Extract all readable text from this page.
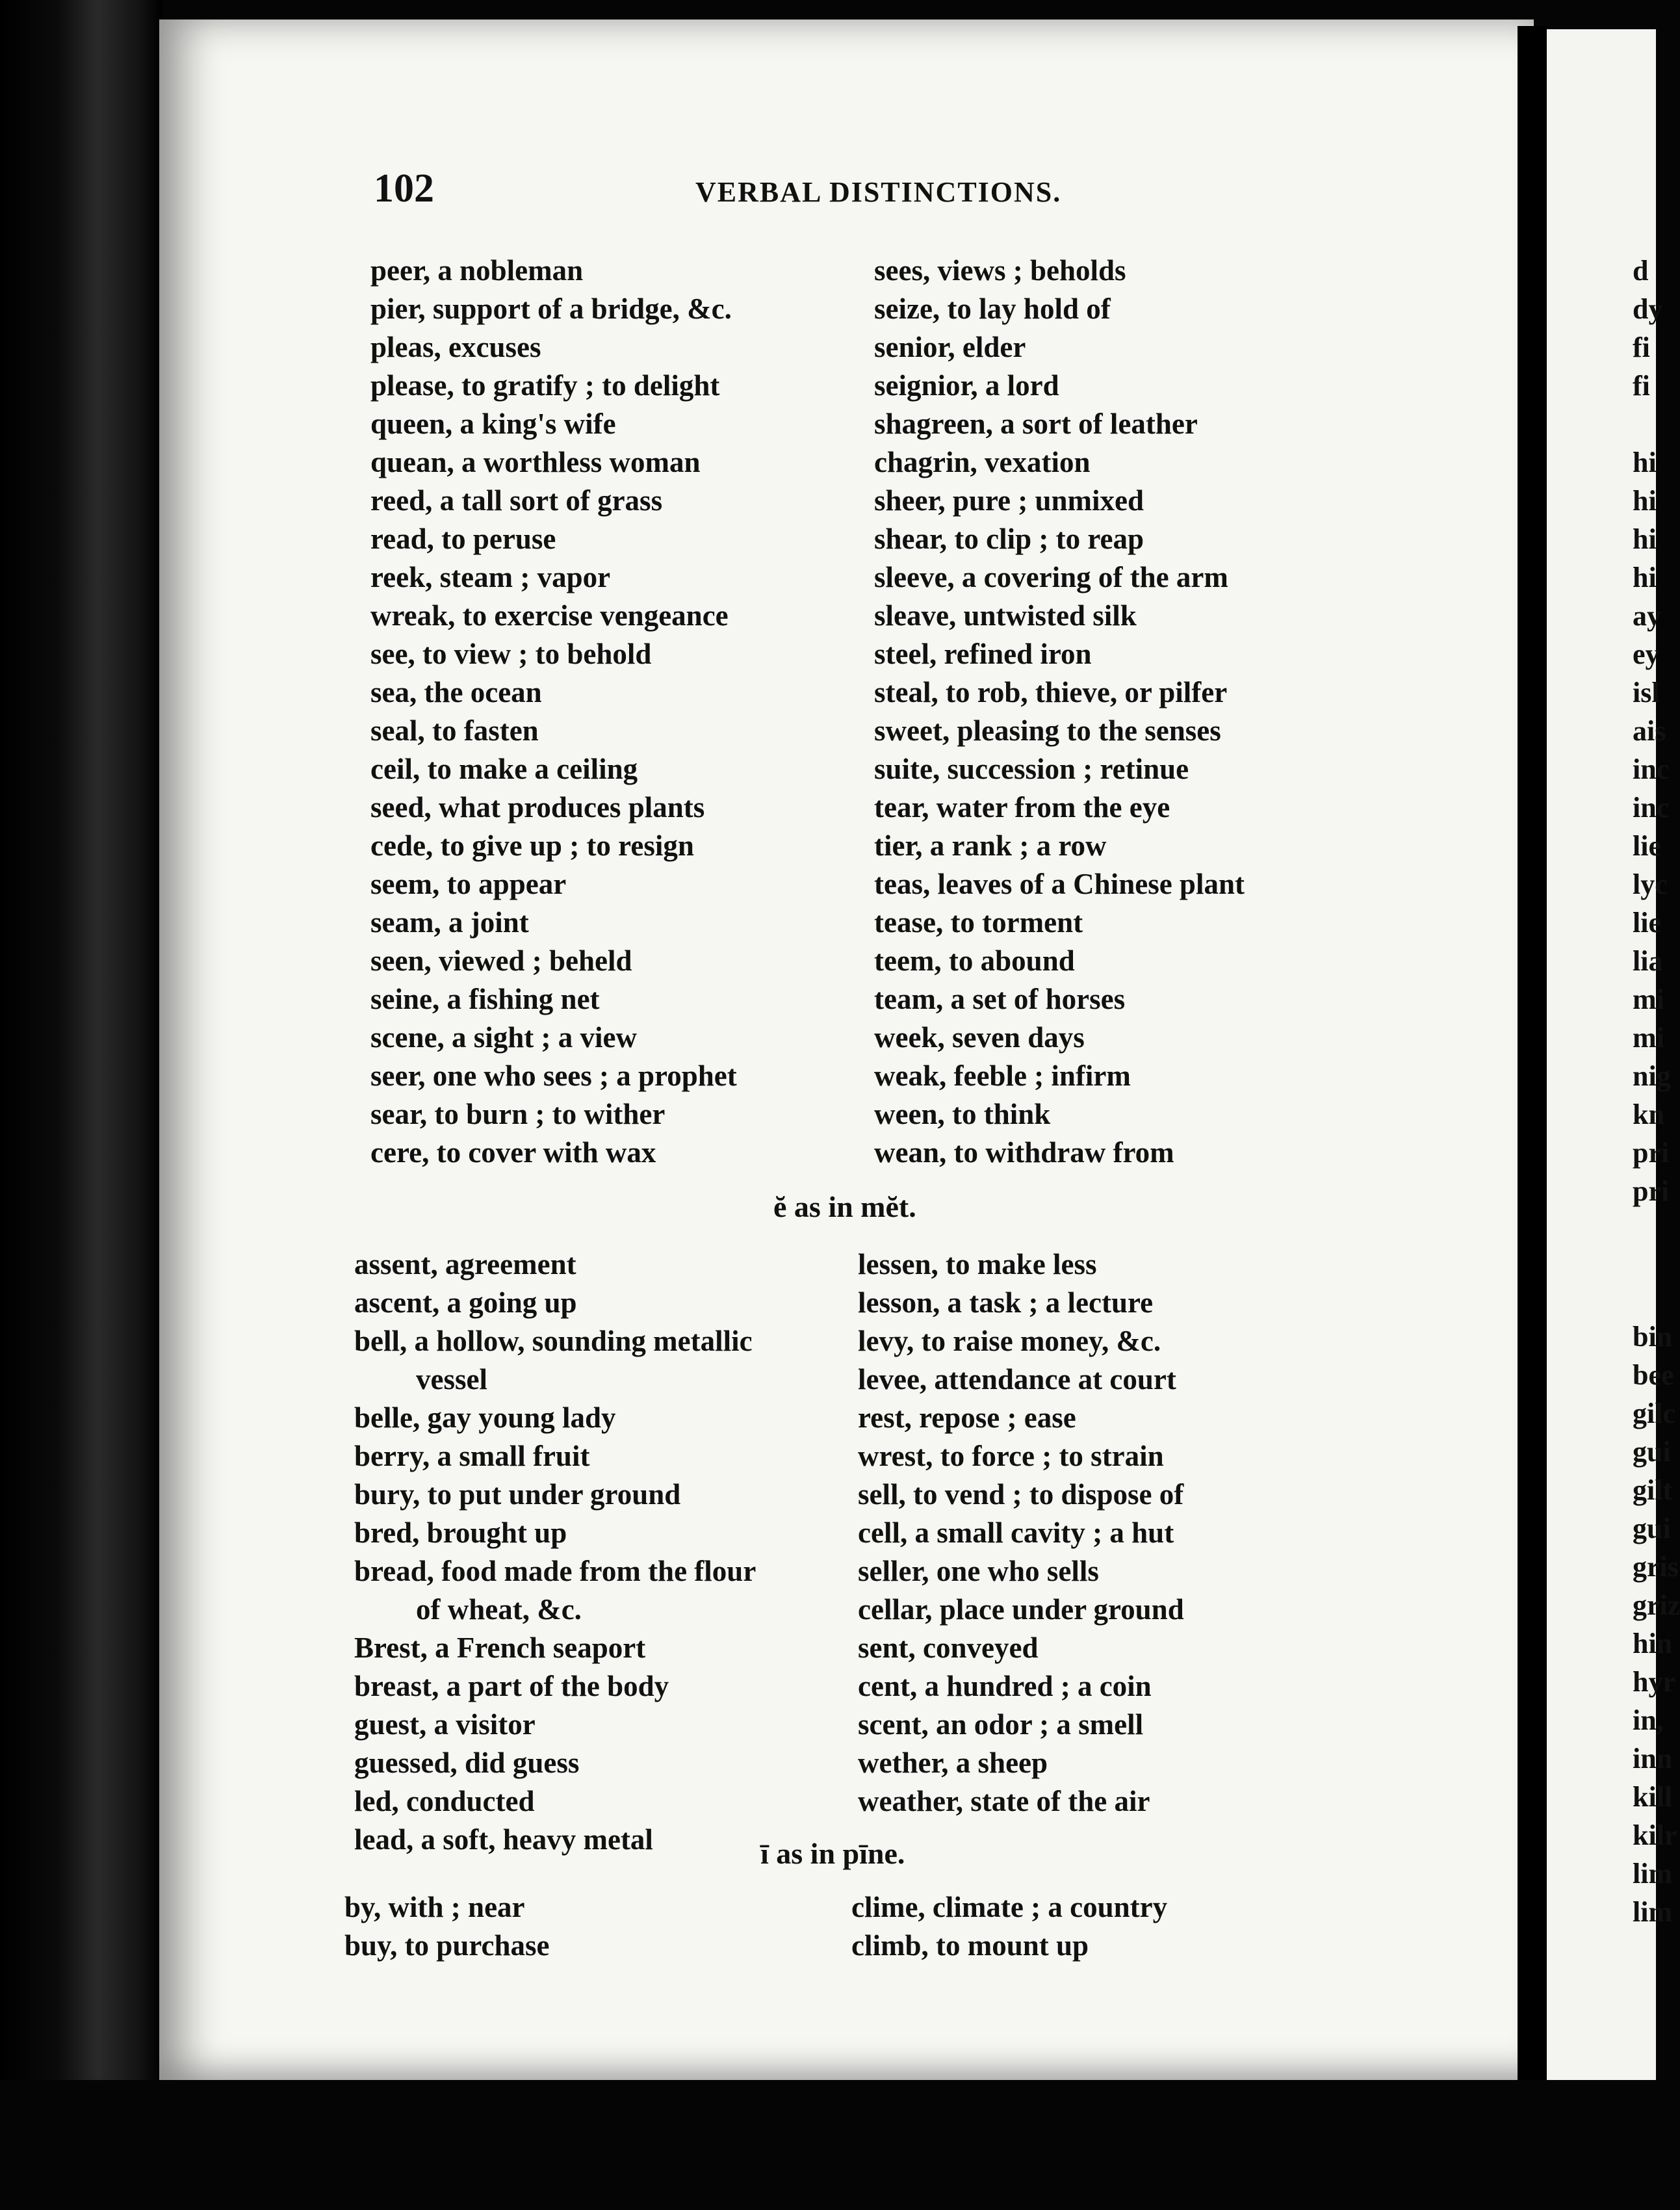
102	VERBAL DISTINCTIONS.
peer, a nobleman
pier, support of a bridge, &c.
pleas, excuses
please, to gratify ; to delight
queen, a king's wife
quean, a worthless woman
reed, a tall sort of grass
read, to peruse
reek, steam ; vapor
wreak, to exercise vengeance
see, to view ; to behold
sea, the ocean
seal, to fasten
ceil, to make a ceiling
seed, what produces plants
cede, to give up ; to resign
seem, to appear
seam, a joint
seen, viewed ; beheld
seine, a fishing net
scene, a sight ; a view
seer, one who sees ; a prophet
sear, to burn ; to wither
cere, to cover with wax
sees, views ; beholds
seize, to lay hold of
senior, elder
seignior, a lord
shagreen, a sort of leather
chagrin, vexation
sheer, pure ; unmixed
shear, to clip ; to reap
sleeve, a covering of the arm
sleave, untwisted silk
steel, refined iron
steal, to rob, thieve, or pilfer
sweet, pleasing to the senses
suite, succession ; retinue
tear, water from the eye
tier, a rank ; a row
teas, leaves of a Chinese plant
tease, to torment
teem, to abound
team, a set of horses
week, seven days
weak, feeble ; infirm
ween, to think
wean, to withdraw from
ĕ as in mĕt.
assent, agreement
ascent, a going up
bell, a hollow, sounding metallic
vessel
belle, gay young lady
berry, a small fruit
bury, to put under ground
bred, brought up
bread, food made from the flour
of wheat, &c.
Brest, a French seaport
breast, a part of the body
guest, a visitor
guessed, did guess
led, conducted
lead, a soft, heavy metal
lessen, to make less
lesson, a task ; a lecture
levy, to raise money, &c.
levee, attendance at court
rest, repose ; ease
wrest, to force ; to strain
sell, to vend ; to dispose of
cell, a small cavity ; a hut
seller, one who sells
cellar, place under ground
sent, conveyed
cent, a hundred ; a coin
scent, an odor ; a smell
wether, a sheep
weather, state of the air
ī as in pīne.
by, with ; near
buy, to purchase
clime, climate ; a country
climb, to mount up
d
dy
fi
fi

hi
hi
hi
hi
ay
ey
isl
ais
inc
inc
lie
lyc
lie
lia
mi
mi
nig
kn
pri
pri
bin
bee
gilc
gui
gilt
gui
gris
griz
hin
hyr
in,
inn
kill
kilr
lim
lim
